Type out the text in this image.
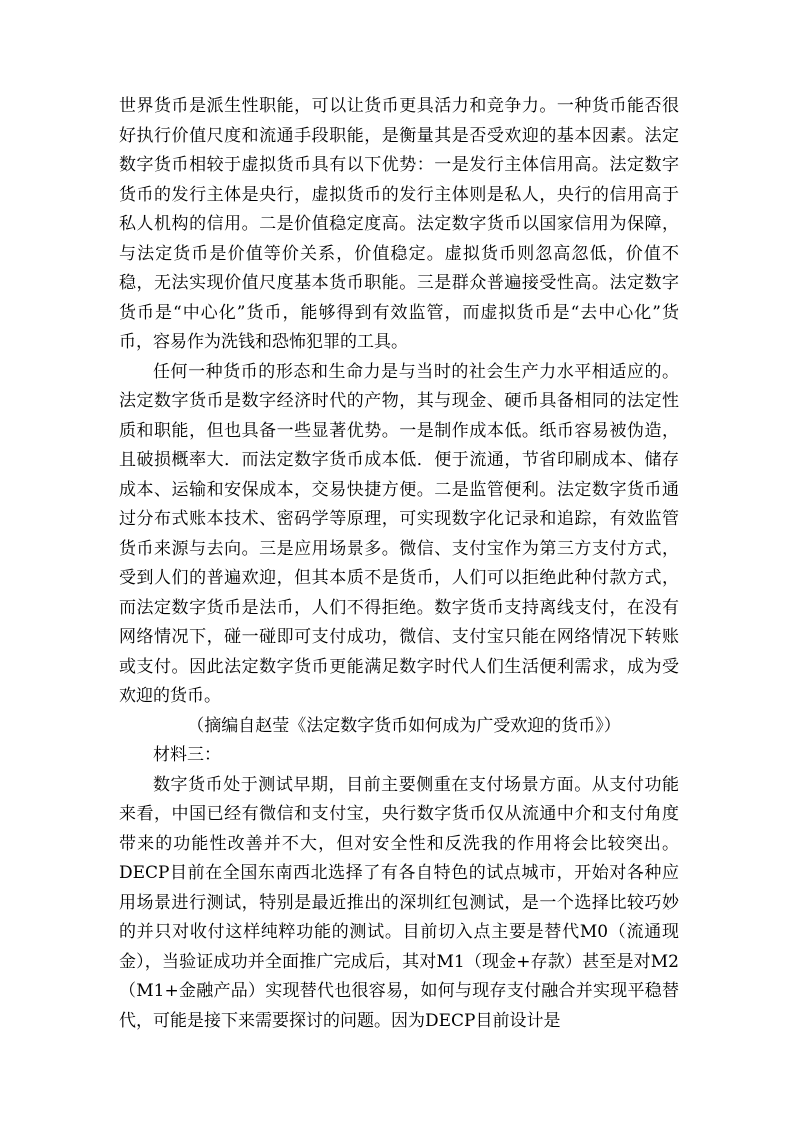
世界货币是派生性职能，可以让货币更具活力和竞争力。一种货币能否很好执行价值尺度和流通手段职能，是衡量其是否受欢迎的基本因素。法定数字货币相较于虚拟货币具有以下优势：一是发行主体信用高。法定数字货币的发行主体是央行，虚拟货币的发行主体则是私人，央行的信用高于私人机构的信用。二是价值稳定度高。法定数字货币以国家信用为保障，与法定货币是价值等价关系，价值稳定。虚拟货币则忽高忽低，价值不稳，无法实现价值尺度基本货币职能。三是群众普遍接受性高。法定数字货币是“中心化”货币，能够得到有效监管，而虚拟货币是“去中心化”货币，容易作为洗钱和恐怖犯罪的工具。

任何一种货币的形态和生命力是与当时的社会生产力水平相适应的。法定数字货币是数字经济时代的产物，其与现金、硬币具备相同的法定性质和职能，但也具备一些显著优势。一是制作成本低。纸币容易被伪造，且破损概率大．而法定数字货币成本低．便于流通，节省印刷成本、储存成本、运输和安保成本，交易快捷方便。二是监管便利。法定数字货币通过分布式账本技术、密码学等原理，可实现数字化记录和追踪，有效监管货币来源与去向。三是应用场景多。微信、支付宝作为第三方支付方式，受到人们的普遍欢迎，但其本质不是货币，人们可以拒绝此种付款方式，而法定数字货币是法币，人们不得拒绝。数字货币支持离线支付，在没有网络情况下，碰一碰即可支付成功，微信、支付宝只能在网络情况下转账或支付。因此法定数字货币更能满足数字时代人们生活便利需求，成为受欢迎的货币。

（摘编自赵莹《法定数字货币如何成为广受欢迎的货币》）

材料三：

数字货币处于测试早期，目前主要侧重在支付场景方面。从支付功能来看，中国已经有微信和支付宝，央行数字货币仅从流通中介和支付角度带来的功能性改善并不大，但对安全性和反洗我的作用将会比较突出。DECP目前在全国东南西北选择了有各自特色的试点城市，开始对各种应用场景进行测试，特别是最近推出的深圳红包测试，是一个选择比较巧妙的并只对收付这样纯粹功能的测试。目前切入点主要是替代M0（流通现金），当验证成功并全面推广完成后，其对M1（现金+存款）甚至是对M2（M1+金融产品）实现替代也很容易，如何与现存支付融合并实现平稳替代，可能是接下来需要探讨的问题。因为DECP目前设计是
